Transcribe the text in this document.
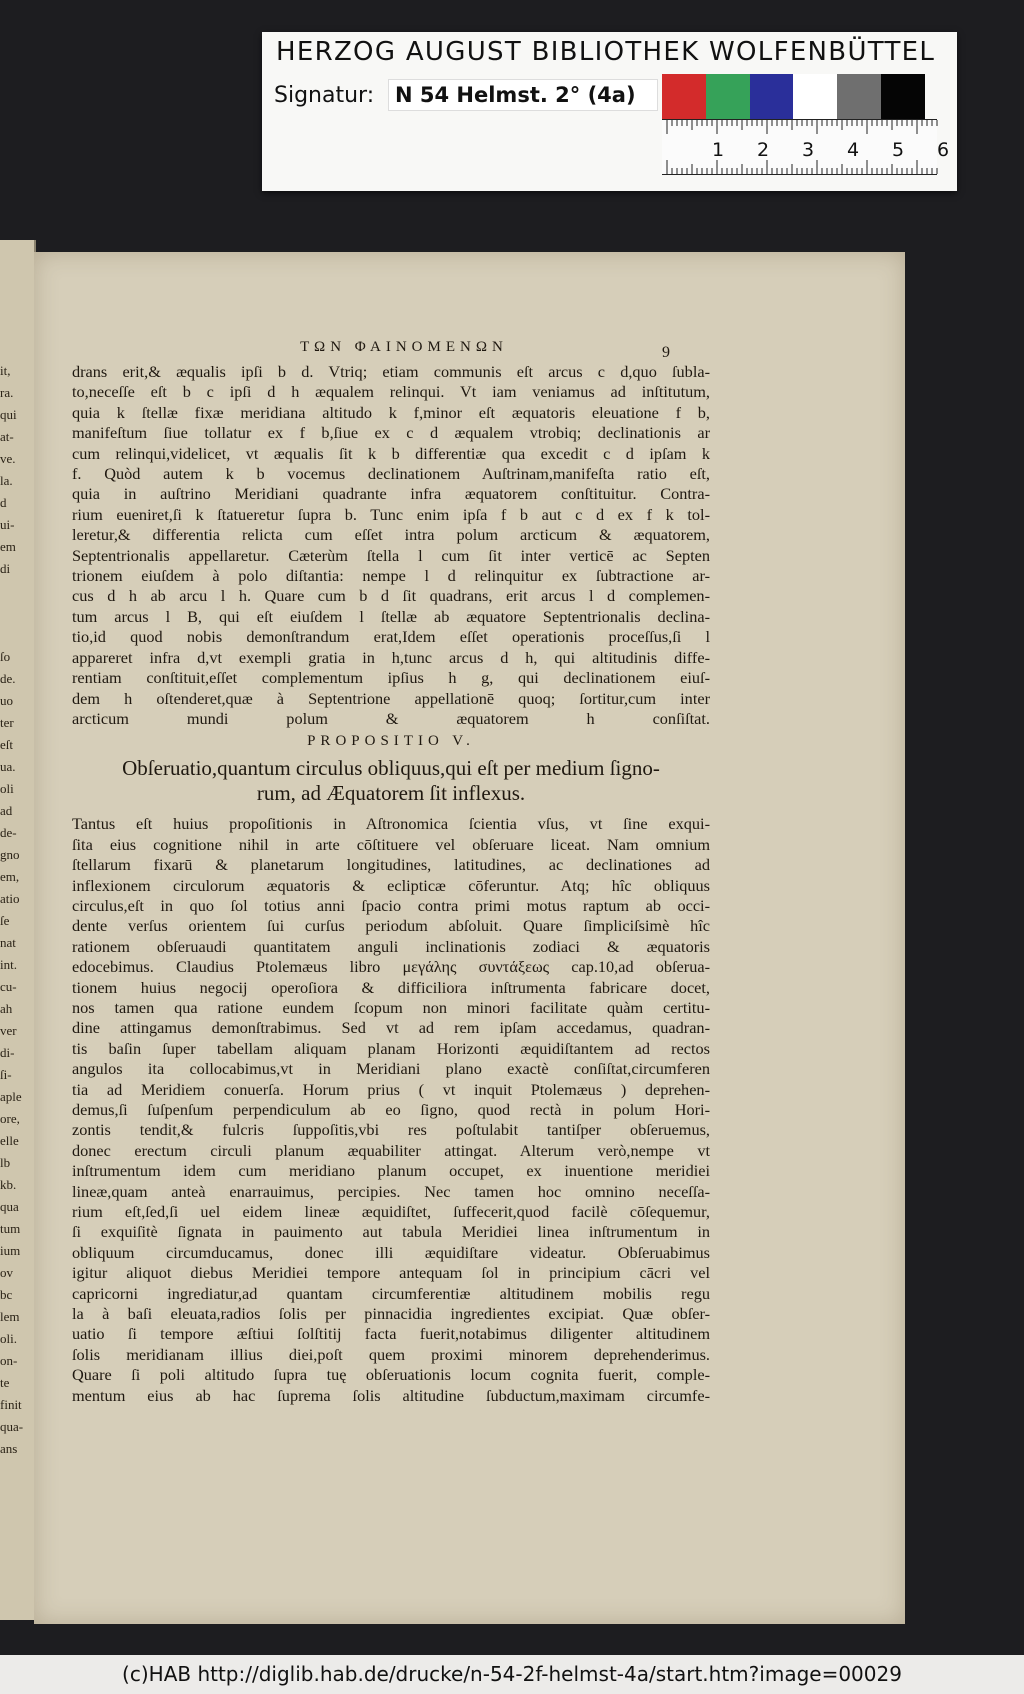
HERZOG AUGUST BIBLIOTHEK WOLFENBÜTTEL
Signatur: N 54 Helmst. 2° (4a)
1 2 3 4 5 6
it,
ra.
qui
at-
ve.
la.
d
ui-
em
di
ſo
de.
uo
ter
eſt
ua.
oli
ad
de-
gno
em,
atio
ſe
nat
int.
cu-
ah
ver
di-
ſi-
aple
ore,
elle
lb
kb.
qua
tum
ium
ov
bc
lem
oli.
on-
te
finit
qua-
ans
ΤΩΝ ΦΑΙΝΟΜΕΝΩΝ	9
drans erit,& æqualis ipſi b d. Vtriq; etiam communis eſt arcus c d,quo ſubla-
to,neceſſe eſt b c ipſi d h æqualem relinqui. Vt iam veniamus ad inſtitutum,
quia k ſtellæ fixæ meridiana altitudo k f,minor eſt æquatoris eleuatione f b,
manifeſtum ſiue tollatur ex f b,ſiue ex c d æqualem vtrobiq; declinationis ar
cum relinqui,videlicet, vt æqualis ſit k b differentiæ qua excedit c d ipſam k
f. Quòd autem k b vocemus declinationem Auſtrinam,manifeſta ratio eſt,
quia in auſtrino Meridiani quadrante infra æquatorem conſtituitur. Contra-
rium eueniret,ſi k ſtatueretur ſupra b. Tunc enim ipſa f b aut c d ex f k tol-
leretur,& differentia relicta cum eſſet intra polum arcticum & æquatorem,
Septentrionalis appellaretur. Cæterùm ſtella l cum ſit inter verticē ac Septen
trionem eiuſdem à polo diſtantia: nempe l d relinquitur ex ſubtractione ar-
cus d h ab arcu l h. Quare cum b d ſit quadrans, erit arcus l d complemen-
tum arcus l B, qui eſt eiuſdem l ſtellæ ab æquatore Septentrionalis declina-
tio,id quod nobis demonſtrandum erat,Idem eſſet operationis proceſſus,ſi l
appareret infra d,vt exempli gratia in h,tunc arcus d h, qui altitudinis diffe-
rentiam conſtituit,eſſet complementum ipſius h g, qui declinationem eiuſ-
dem h oſtenderet,quæ à Septentrione appellationē quoq; ſortitur,cum inter
arcticum mundi polum & æquatorem h conſiſtat.
PROPOSITIO V.
Obſeruatio,quantum circulus obliquus,qui eſt per medium ſigno-
rum, ad Æquatorem ſit inflexus.
Tantus eſt huius propoſitionis in Aſtronomica ſcientia vſus, vt ſine exqui-
ſita eius cognitione nihil in arte cōſtituere vel obſeruare liceat. Nam omnium
ſtellarum fixarū & planetarum longitudines, latitudines, ac declinationes ad
inflexionem circulorum æquatoris & eclipticæ cōferuntur. Atq; hîc obliquus
circulus,eſt in quo ſol totius anni ſpacio contra primi motus raptum ab occi-
dente verſus orientem ſui curſus periodum abſoluit. Quare ſimpliciſsimè hîc
rationem obſeruaudi quantitatem anguli inclinationis zodiaci & æquatoris
edocebimus. Claudius Ptolemæus libro μεγάλης συντάξεως cap.10,ad obſerua-
tionem huius negocij operoſiora & difficiliora inſtrumenta fabricare docet,
nos tamen qua ratione eundem ſcopum non minori facilitate quàm certitu-
dine attingamus demonſtrabimus. Sed vt ad rem ipſam accedamus, quadran-
tis baſin ſuper tabellam aliquam planam Horizonti æquidiſtantem ad rectos
angulos ita collocabimus,vt in Meridiani plano exactè conſiſtat,circumferen
tia ad Meridiem conuerſa. Horum prius ( vt inquit Ptolemæus ) deprehen-
demus,ſi ſuſpenſum perpendiculum ab eo ſigno, quod rectà in polum Hori-
zontis tendit,& fulcris ſuppoſitis,vbi res poſtulabit tantiſper obſeruemus,
donec erectum circuli planum æquabiliter attingat. Alterum verò,nempe vt
inſtrumentum idem cum meridiano planum occupet, ex inuentione meridiei
lineæ,quam anteà enarrauimus, percipies. Nec tamen hoc omnino neceſſa-
rium eſt,ſed,ſi uel eidem lineæ æquidiſtet, ſuffecerit,quod facilè cōſequemur,
ſi exquiſitè ſignata in pauimento aut tabula Meridiei linea inſtrumentum in
obliquum circumducamus, donec illi æquidiſtare videatur. Obſeruabimus
igitur aliquot diebus Meridiei tempore antequam ſol in principium cācri vel
capricorni ingrediatur,ad quantam circumferentiæ altitudinem mobilis regu
la à baſi eleuata,radios ſolis per pinnacidia ingredientes excipiat. Quæ obſer-
uatio ſi tempore æſtiui ſolſtitij facta fuerit,notabimus diligenter altitudinem
ſolis meridianam illius diei,poſt quem proximi minorem deprehenderimus.
Quare ſi poli altitudo ſupra tuę obſeruationis locum cognita fuerit, comple-
mentum eius ab hac ſuprema ſolis altitudine ſubductum,maximam circumfe-
(c)HAB http://diglib.hab.de/drucke/n-54-2f-helmst-4a/start.htm?image=00029
